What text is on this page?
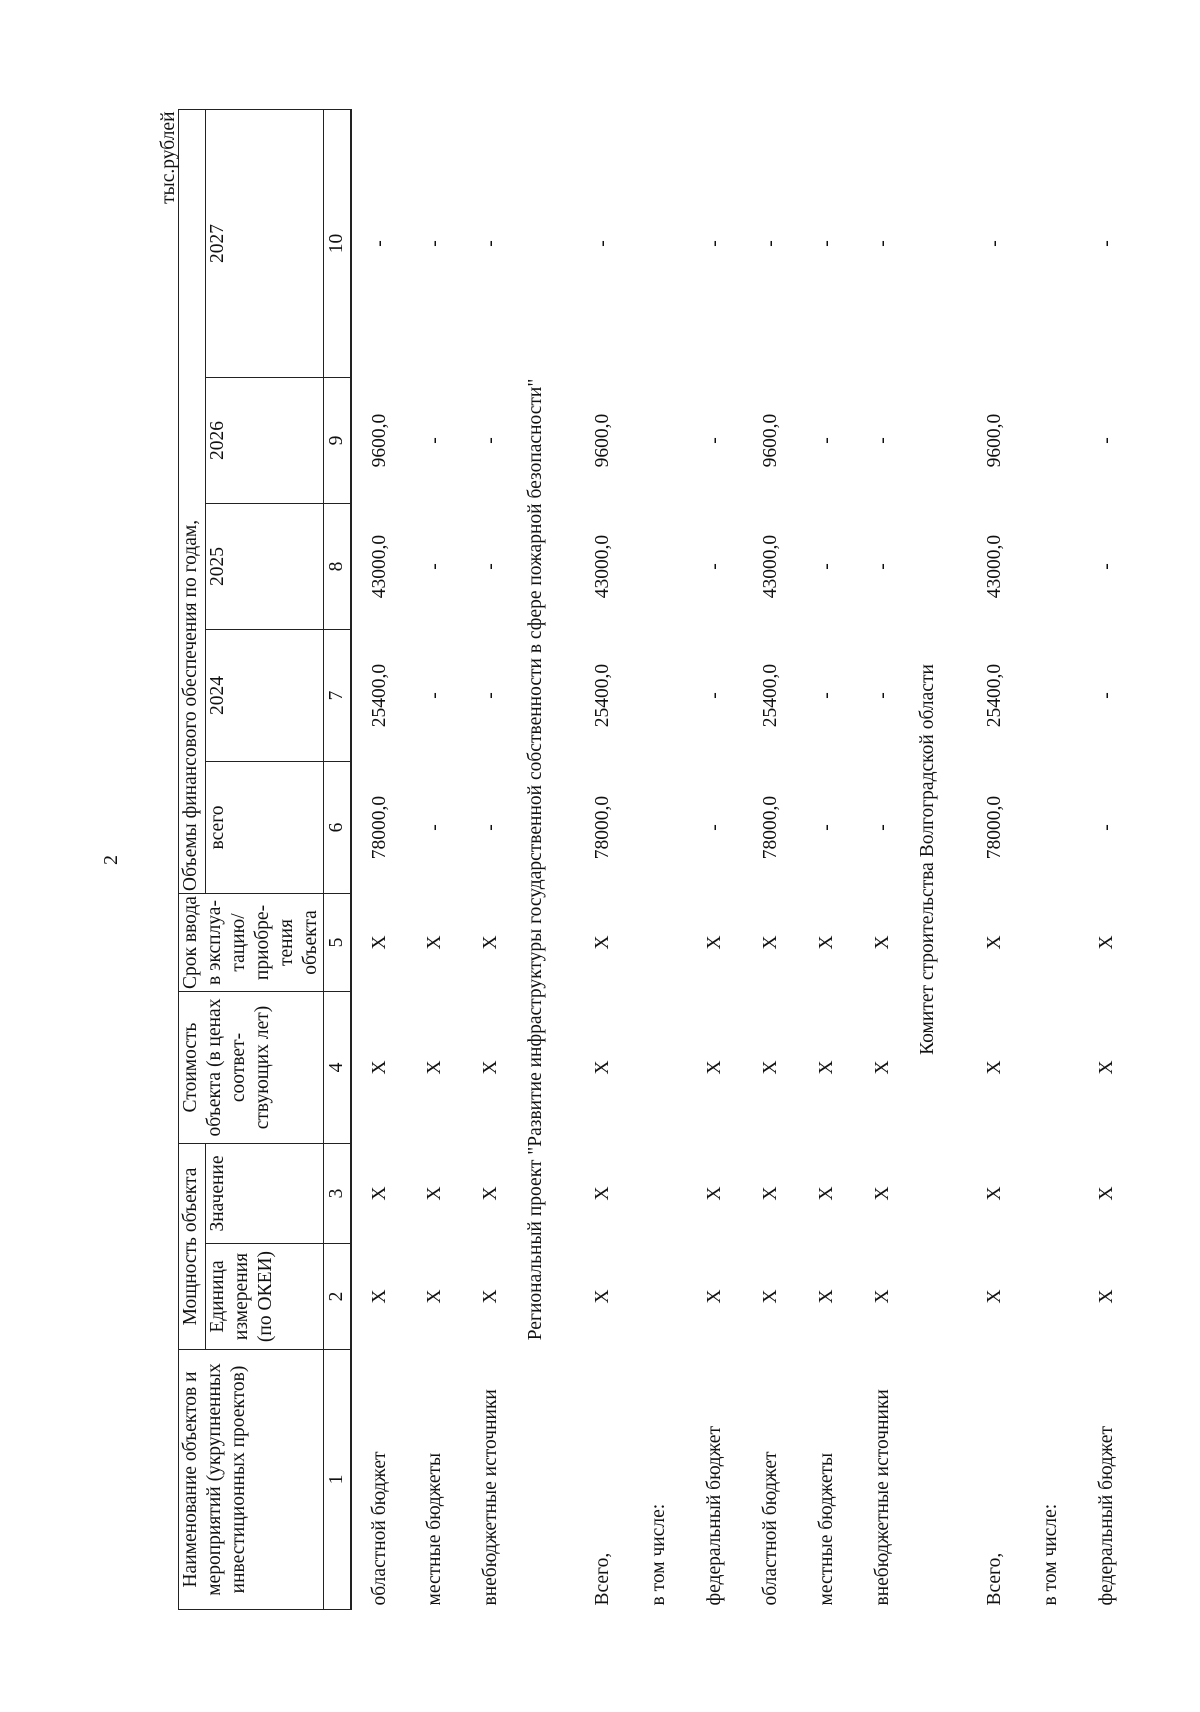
2
тыс.рублей									
Наименование объектов и мероприятий (укрупненных инвестиционных проектов)	Мощность объекта		Стоимость объекта (в ценах соответ-ствующих лет)	Срок ввода в эксплуа-тацию/ приобре-тения объекта	Объемы финансового обеспечения по годам,				
	Единица измерения (по ОКЕИ)	Значение			всего	2024	2025	2026	2027
1	2	3	4	5	6	7	8	9	10
областной бюджет	X	X	X	X	78000,0	25400,0	43000,0	9600,0	-
местные бюджеты	X	X	X	X	-	-	-	-	-
внебюджетные источники	X	X	X	X	-	-	-	-	-
Региональный проект "Развитие инфраструктуры государственной собственности в сфере пожарной безопасности"									
Всего,	X	X	X	X	78000,0	25400,0	43000,0	9600,0	-
в том числе:									
федеральный бюджет	X	X	X	X	-	-	-	-	-
областной бюджет	X	X	X	X	78000,0	25400,0	43000,0	9600,0	-
местные бюджеты	X	X	X	X	-	-	-	-	-
внебюджетные источники	X	X	X	X	-	-	-	-	-
Комитет строительства Волгоградской области									
Всего,	X	X	X	X	78000,0	25400,0	43000,0	9600,0	-
в том числе:									
федеральный бюджет	X	X	X	X	-	-	-	-	-
